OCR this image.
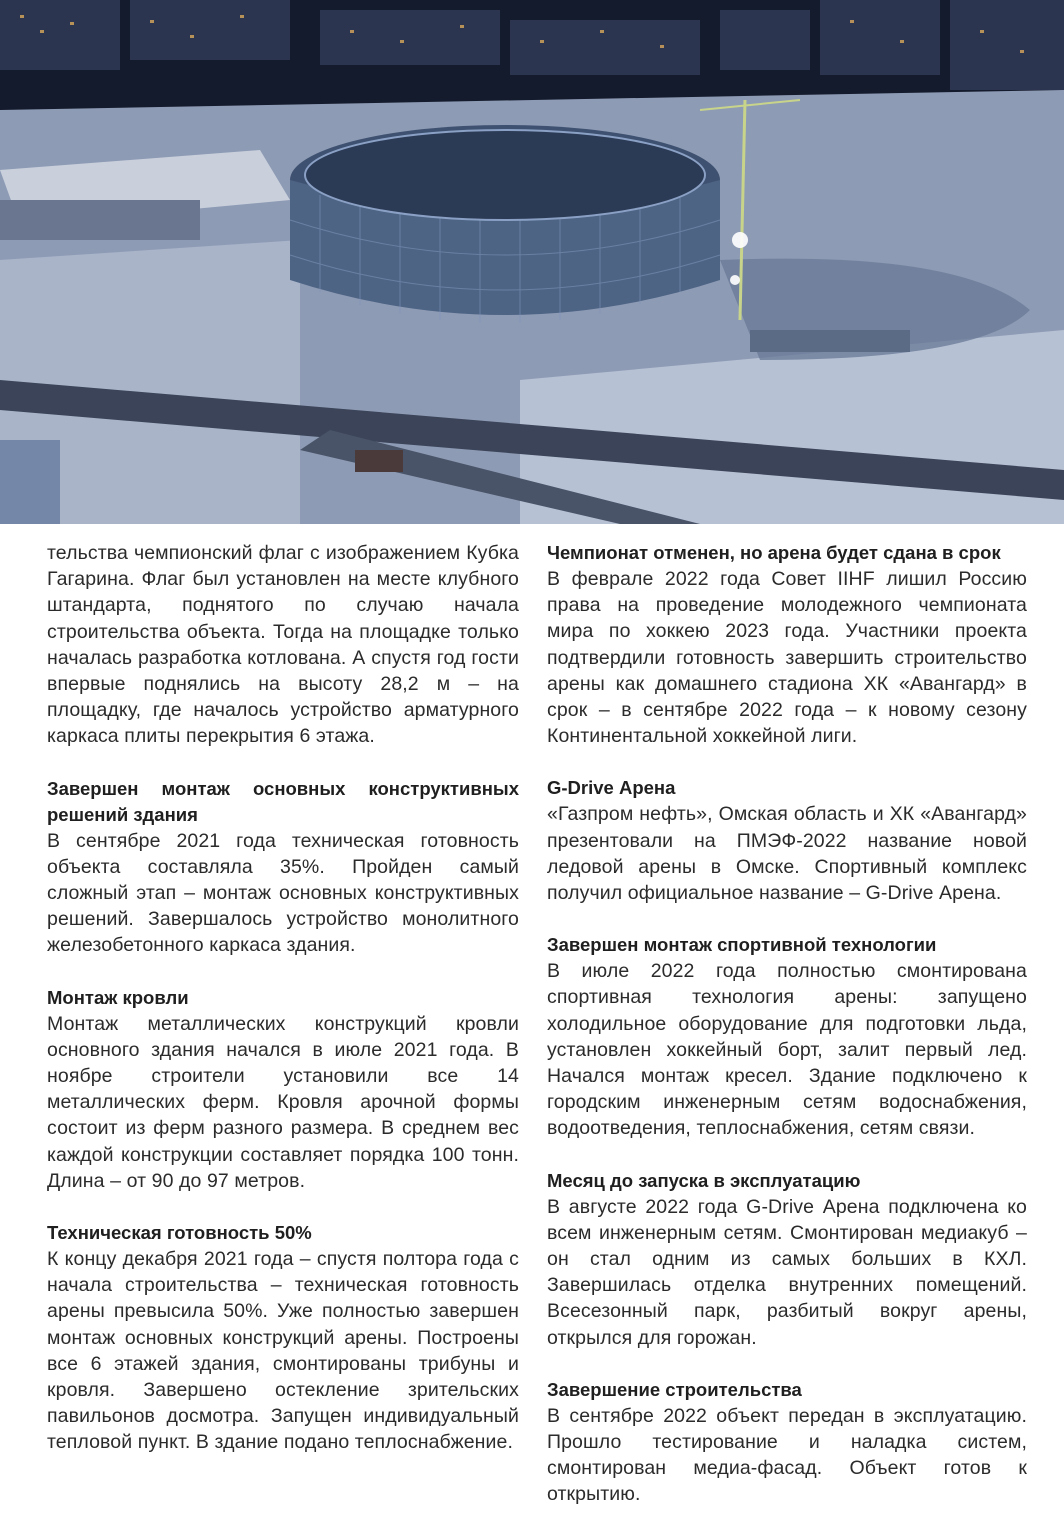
тельства чемпионский флаг с изображением Кубка Гагарина. Флаг был установлен на месте клубного штандарта, поднятого по случаю начала строительства объекта. Тогда на площадке только началась разработка котлована. А спустя год гости впервые поднялись на высоту 28,2 м – на площадку, где началось устройство арматурного каркаса плиты перекрытия 6 этажа.

Завершен монтаж основных конструктивных решений здания

В сентябре 2021 года техническая готовность объекта составляла 35%. Пройден самый сложный этап – монтаж основных конструктивных решений. Завершалось устройство монолитного железобетонного каркаса здания.

Монтаж кровли

Монтаж металлических конструкций кровли основного здания начался в июле 2021 года. В ноябре строители установили все 14 металлических ферм. Кровля арочной формы состоит из ферм разного размера. В среднем вес каждой конструкции составляет порядка 100 тонн. Длина – от 90 до 97 метров.

Техническая готовность 50%

К концу декабря 2021 года – спустя полтора года с начала строительства – техническая готовность арены превысила 50%. Уже полностью завершен монтаж основных конструкций арены. Построены все 6 этажей здания, смонтированы трибуны и кровля. Завершено остекление зрительских павильонов досмотра. Запущен индивидуальный тепловой пункт. В здание подано теплоснабжение.

Чемпионат отменен, но арена будет сдана в срок

В феврале 2022 года Совет IIHF лишил Россию права на проведение молодежного чемпионата мира по хоккею 2023 года. Участники проекта подтвердили готовность завершить строительство арены как домашнего стадиона ХК «Авангард» в срок – в сентябре 2022 года – к новому сезону Континентальной хоккейной лиги.

G-Drive Арена

«Газпром нефть», Омская область и ХК «Авангард» презентовали на ПМЭФ-2022 название новой ледовой арены в Омске. Спортивный комплекс получил официальное название – G-Drive Арена.

Завершен монтаж спортивной технологии

В июле 2022 года полностью смонтирована спортивная технология арены: запущено холодильное оборудование для подготовки льда, установлен хоккейный борт, залит первый лед. Начался монтаж кресел. Здание подключено к городским инженерным сетям водоснабжения, водоотведения, теплоснабжения, сетям связи.

Месяц до запуска в эксплуатацию

В августе 2022 года G-Drive Арена подключена ко всем инженерным сетям. Смонтирован медиакуб – он стал одним из самых больших в КХЛ. Завершилась отделка внутренних помещений. Всесезонный парк, разбитый вокруг арены, открылся для горожан.

Завершение строительства

В сентябре 2022 объект передан в эксплуатацию. Прошло тестирование и наладка систем, смонтирован медиа-фасад. Объект готов к открытию.
